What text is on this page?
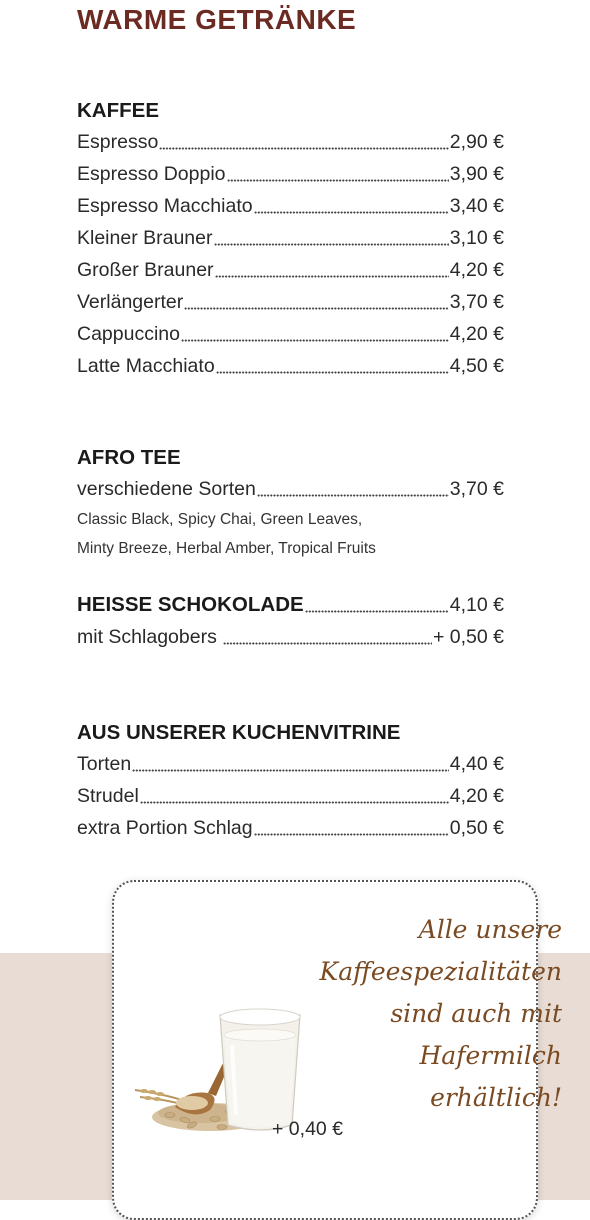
WARME GETRÄNKE
KAFFEE
Espresso	2,90 €
Espresso Doppio	3,90 €
Espresso Macchiato	3,40 €
Kleiner Brauner	3,10 €
Großer Brauner	4,20 €
Verlängerter	3,70 €
Cappuccino	4,20 €
Latte Macchiato	4,50 €
AFRO TEE
verschiedene Sorten	3,70 €
Classic Black, Spicy Chai, Green Leaves,
Minty Breeze, Herbal Amber, Tropical Fruits
HEISSE SCHOKOLADE	4,10 €
mit Schlagobers	+ 0,50 €
AUS UNSERER KUCHENVITRINE
Torten	4,40 €
Strudel	4,20 €
extra Portion Schlag	0,50 €
Alle unsere
Kaffeespezialitäten
sind auch mit
Hafermilch
erhältlich!
+ 0,40 €
